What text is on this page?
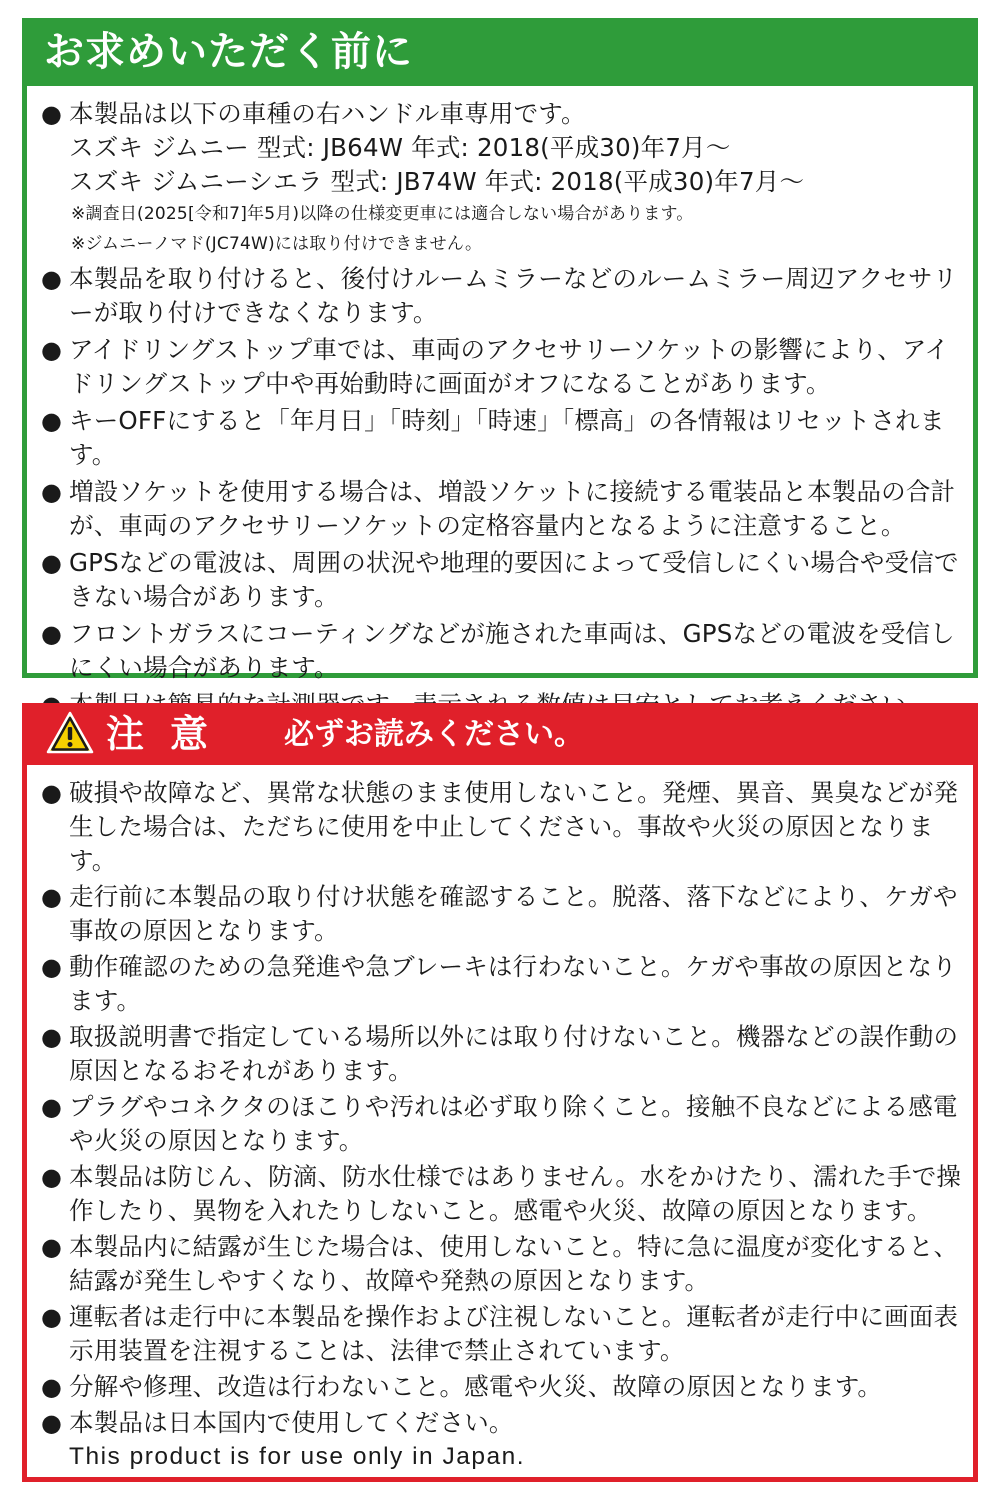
お求めいただく前に
● 本製品は以下の車種の右ハンドル車専用です。
スズキ ジムニー 型式: JB64W 年式: 2018(平成30)年7月～
スズキ ジムニーシエラ 型式: JB74W 年式: 2018(平成30)年7月～
※調査日(2025[令和7]年5月)以降の仕様変更車には適合しない場合があります。
※ジムニーノマド(JC74W)には取り付けできません。
● 本製品を取り付けると、後付けルームミラーなどのルームミラー周辺アクセサリーが取り付けできなくなります。
● アイドリングストップ車では、車両のアクセサリーソケットの影響により、アイドリングストップ中や再始動時に画面がオフになることがあります。
● キーOFFにすると「年月日」「時刻」「時速」「標高」の各情報はリセットされます。
● 増設ソケットを使用する場合は、増設ソケットに接続する電装品と本製品の合計が、車両のアクセサリーソケットの定格容量内となるように注意すること。
● GPSなどの電波は、周囲の状況や地理的要因によって受信しにくい場合や受信できない場合があります。
● フロントガラスにコーティングなどが施された車両は、GPSなどの電波を受信しにくい場合があります。
注意 必ずお読みください。
● 破損や故障など、異常な状態のまま使用しないこと。発煙、異音、異臭などが発生した場合は、ただちに使用を中止してください。事故や火災の原因となります。
● 走行前に本製品の取り付け状態を確認すること。脱落、落下などにより、ケガや事故の原因となります。
● 動作確認のための急発進や急ブレーキは行わないこと。ケガや事故の原因となります。
● 取扱説明書で指定している場所以外には取り付けないこと。機器などの誤作動の原因となるおそれがあります。
● プラグやコネクタのほこりや汚れは必ず取り除くこと。接触不良などによる感電や火災の原因となります。
● 本製品は防じん、防滴、防水仕様ではありません。水をかけたり、濡れた手で操作したり、異物を入れたりしないこと。感電や火災、故障の原因となります。
● 本製品内に結露が生じた場合は、使用しないこと。特に急に温度が変化すると、結露が発生しやすくなり、故障や発熱の原因となります。
● 運転者は走行中に本製品を操作および注視しないこと。運転者が走行中に画面表示用装置を注視することは、法律で禁止されています。
● 分解や修理、改造は行わないこと。感電や火災、故障の原因となります。
● 本製品は日本国内で使用してください。
This product is for use only in Japan.
